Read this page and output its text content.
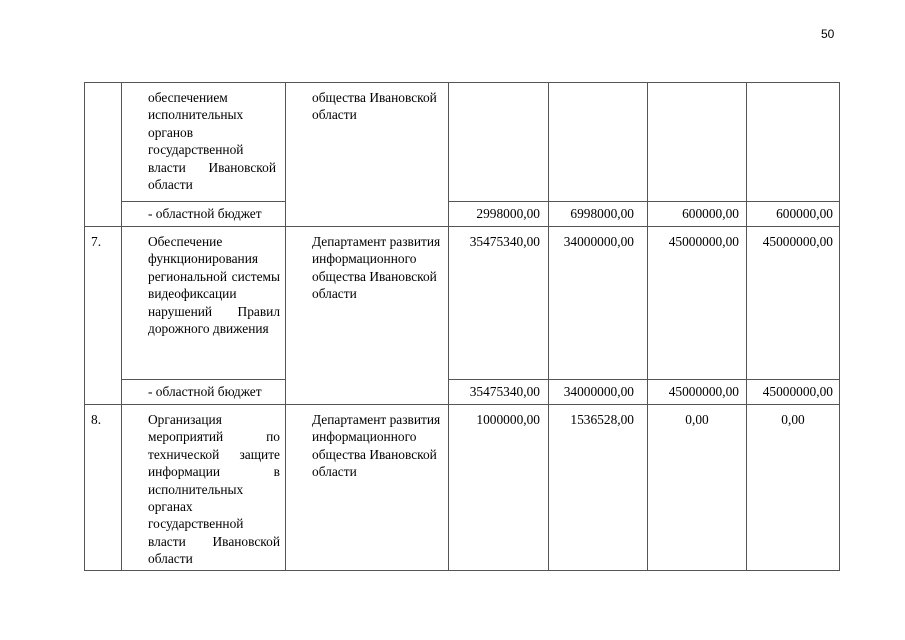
50

	обеспечением исполнительных органов государственной власти Ивановской области	общества Ивановской области				

	- областной бюджет		2998000,00	6998000,00	600000,00	600000,00
7.	Обеспечение функционирования региональной системы видеофиксации нарушений Правил дорожного движения	Департамент развития информационного общества Ивановской области	35475340,00	34000000,00	45000000,00	45000000,00
	- областной бюджет		35475340,00	34000000,00	45000000,00	45000000,00
8.	Организация мероприятий по технической защите информации в исполнительных органах государственной власти Ивановской области	Департамент развития информационного общества Ивановской области	1000000,00	1536528,00	0,00	0,00
